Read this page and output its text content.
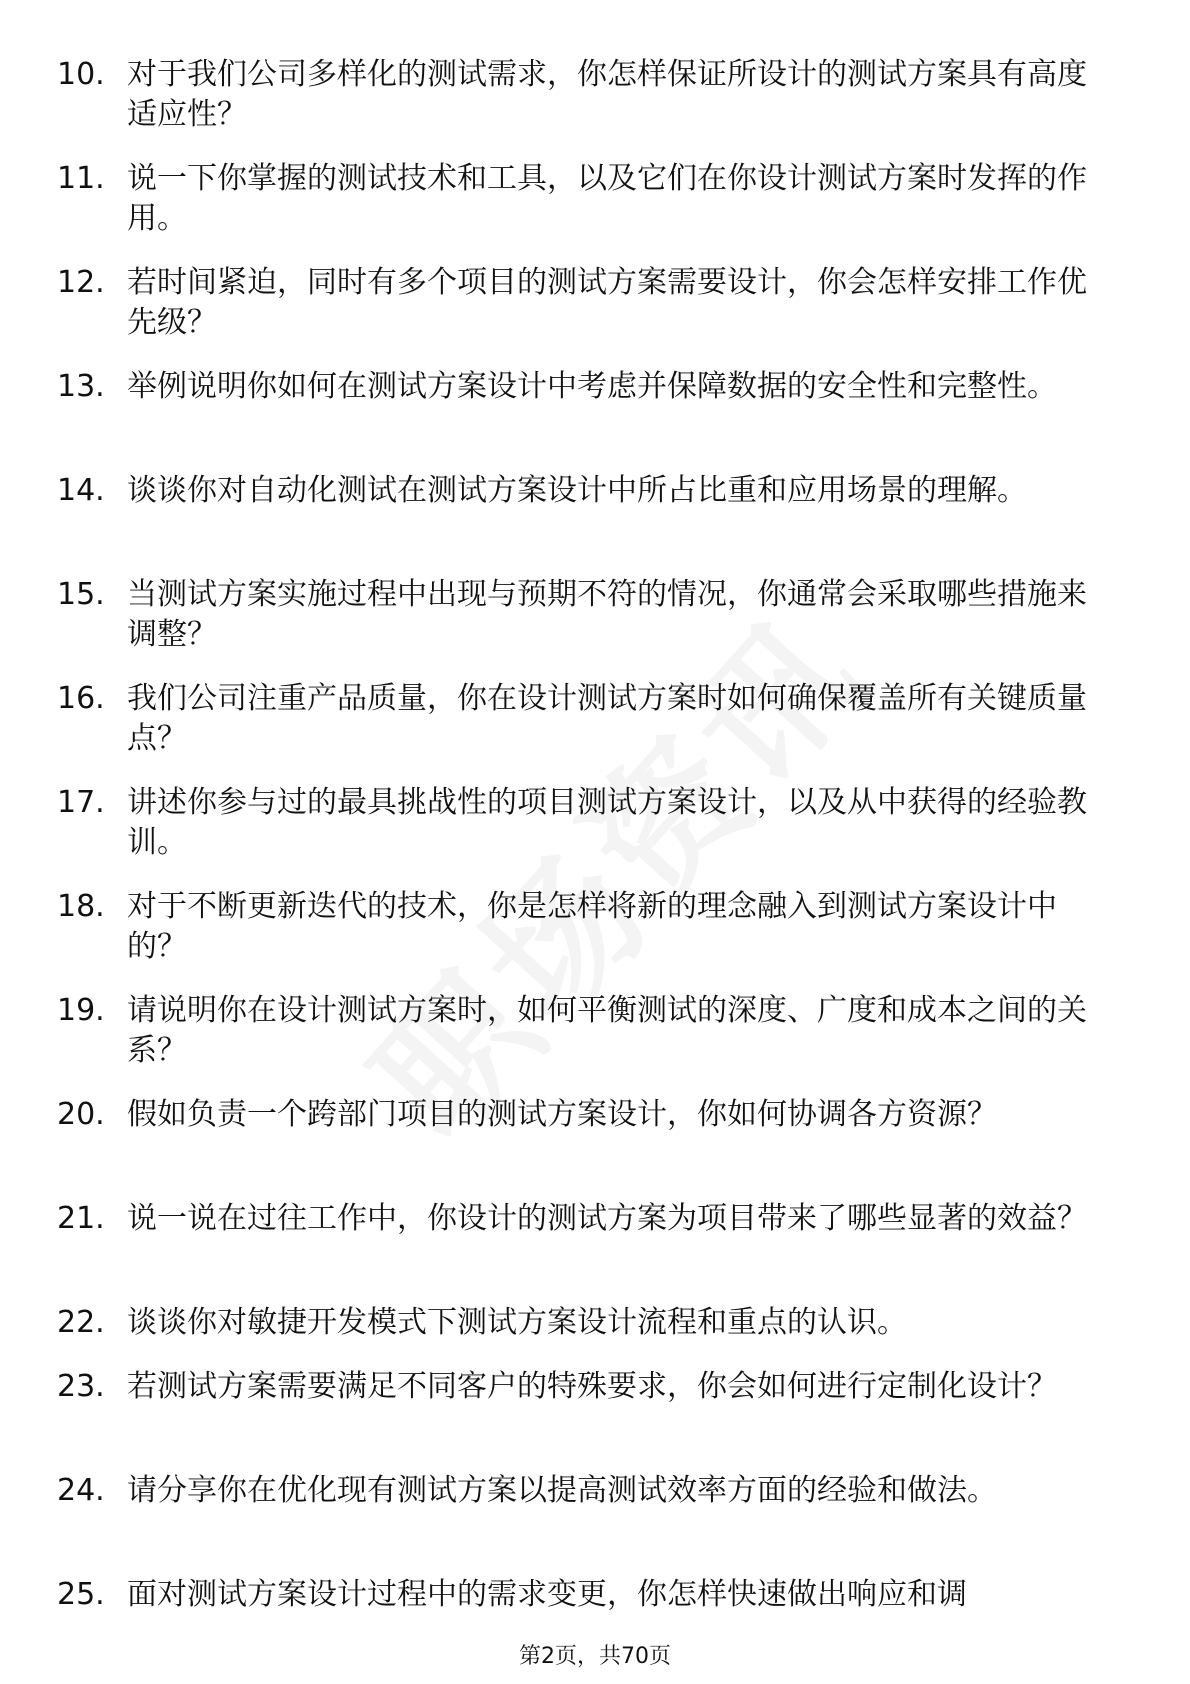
10. 对于我们公司多样化的测试需求，你怎样保证所设计的测试方案具有高度适应性？
11. 说一下你掌握的测试技术和工具，以及它们在你设计测试方案时发挥的作用。
12. 若时间紧迫，同时有多个项目的测试方案需要设计，你会怎样安排工作优先级？
13. 举例说明你如何在测试方案设计中考虑并保障数据的安全性和完整性。
14. 谈谈你对自动化测试在测试方案设计中所占比重和应用场景的理解。
15. 当测试方案实施过程中出现与预期不符的情况，你通常会采取哪些措施来调整？
16. 我们公司注重产品质量，你在设计测试方案时如何确保覆盖所有关键质量点？
17. 讲述你参与过的最具挑战性的项目测试方案设计，以及从中获得的经验教训。
18. 对于不断更新迭代的技术，你是怎样将新的理念融入到测试方案设计中的？
19. 请说明你在设计测试方案时，如何平衡测试的深度、广度和成本之间的关系？
20. 假如负责一个跨部门项目的测试方案设计，你如何协调各方资源？
21. 说一说在过往工作中，你设计的测试方案为项目带来了哪些显著的效益？
22. 谈谈你对敏捷开发模式下测试方案设计流程和重点的认识。
23. 若测试方案需要满足不同客户的特殊要求，你会如何进行定制化设计？
24. 请分享你在优化现有测试方案以提高测试效率方面的经验和做法。
25. 面对测试方案设计过程中的需求变更，你怎样快速做出响应和调
第2页，共70页
